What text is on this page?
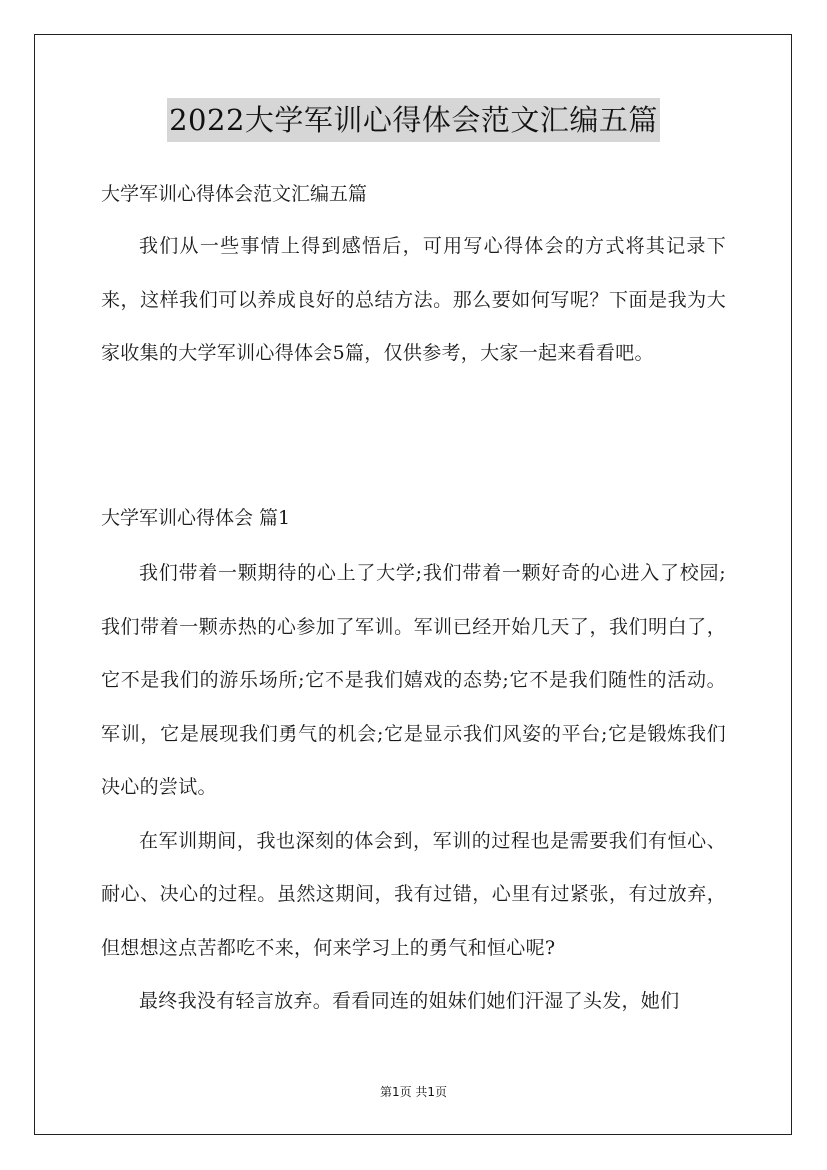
2022大学军训心得体会范文汇编五篇
大学军训心得体会范文汇编五篇

我们从一些事情上得到感悟后，可用写心得体会的方式将其记录下来，这样我们可以养成良好的总结方法。那么要如何写呢？下面是我为大家收集的大学军训心得体会5篇，仅供参考，大家一起来看看吧。

大学军训心得体会 篇1

我们带着一颗期待的心上了大学;我们带着一颗好奇的心进入了校园;我们带着一颗赤热的心参加了军训。军训已经开始几天了，我们明白了，它不是我们的游乐场所;它不是我们嬉戏的态势;它不是我们随性的活动。军训，它是展现我们勇气的机会;它是显示我们风姿的平台;它是锻炼我们决心的尝试。

在军训期间，我也深刻的体会到，军训的过程也是需要我们有恒心、耐心、决心的过程。虽然这期间，我有过错，心里有过紧张，有过放弃，但想想这点苦都吃不来，何来学习上的勇气和恒心呢?

最终我没有轻言放弃。看看同连的姐妹们她们汗湿了头发，她们

第1页 共1页
